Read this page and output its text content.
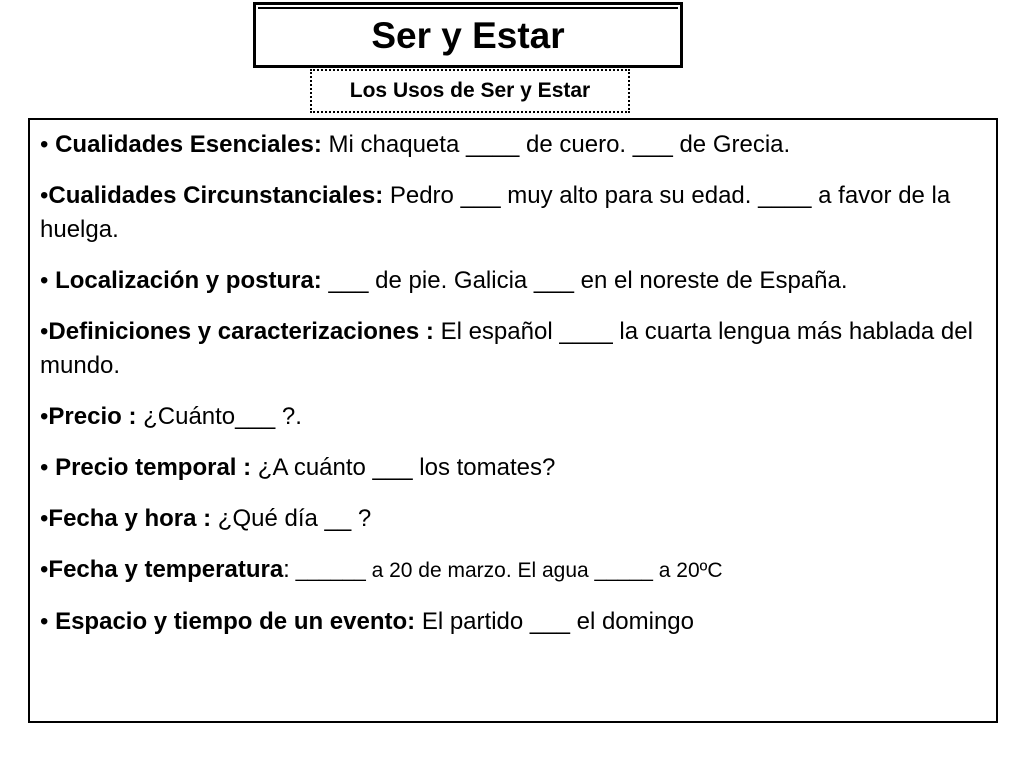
Ser y Estar
Los Usos de Ser y Estar

• Cualidades Esenciales: Mi chaqueta ____ de cuero. ___ de Grecia.

•Cualidades Circunstanciales: Pedro ___ muy alto para su edad. ____ a favor de la huelga.

• Localización y postura: ___ de pie. Galicia ___ en el noreste de España.

•Definiciones y caracterizaciones : El español ____ la cuarta lengua más hablada del mundo.

•Precio : ¿Cuánto___ ?.

• Precio temporal : ¿A cuánto ___ los tomates?

•Fecha y hora : ¿Qué día __ ?

•Fecha y temperatura: ______ a 20 de marzo. El agua _____ a 20ºC

• Espacio y tiempo de un evento: El partido ___ el domingo
